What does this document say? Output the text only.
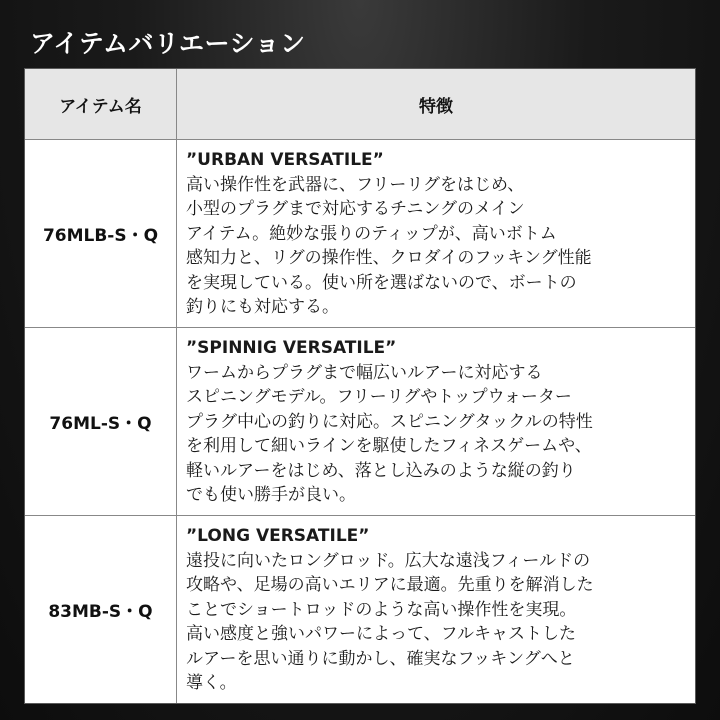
アイテムバリエーション
アイテム名	特徴
76MLB-S・Q
”URBAN VERSATILE”
高い操作性を武器に、フリーリグをはじめ、
小型のプラグまで対応するチニングのメイン
アイテム。絶妙な張りのティップが、高いボトム
感知力と、リグの操作性、クロダイのフッキング性能
を実現している。使い所を選ばないので、ボートの
釣りにも対応する。
76ML-S・Q
”SPINNIG VERSATILE”
ワームからプラグまで幅広いルアーに対応する
スピニングモデル。フリーリグやトップウォーター
プラグ中心の釣りに対応。スピニングタックルの特性
を利用して細いラインを駆使したフィネスゲームや、
軽いルアーをはじめ、落とし込みのような縦の釣り
でも使い勝手が良い。
83MB-S・Q
”LONG VERSATILE”
遠投に向いたロングロッド。広大な遠浅フィールドの
攻略や、足場の高いエリアに最適。先重りを解消した
ことでショートロッドのような高い操作性を実現。
高い感度と強いパワーによって、フルキャストした
ルアーを思い通りに動かし、確実なフッキングへと
導く。
